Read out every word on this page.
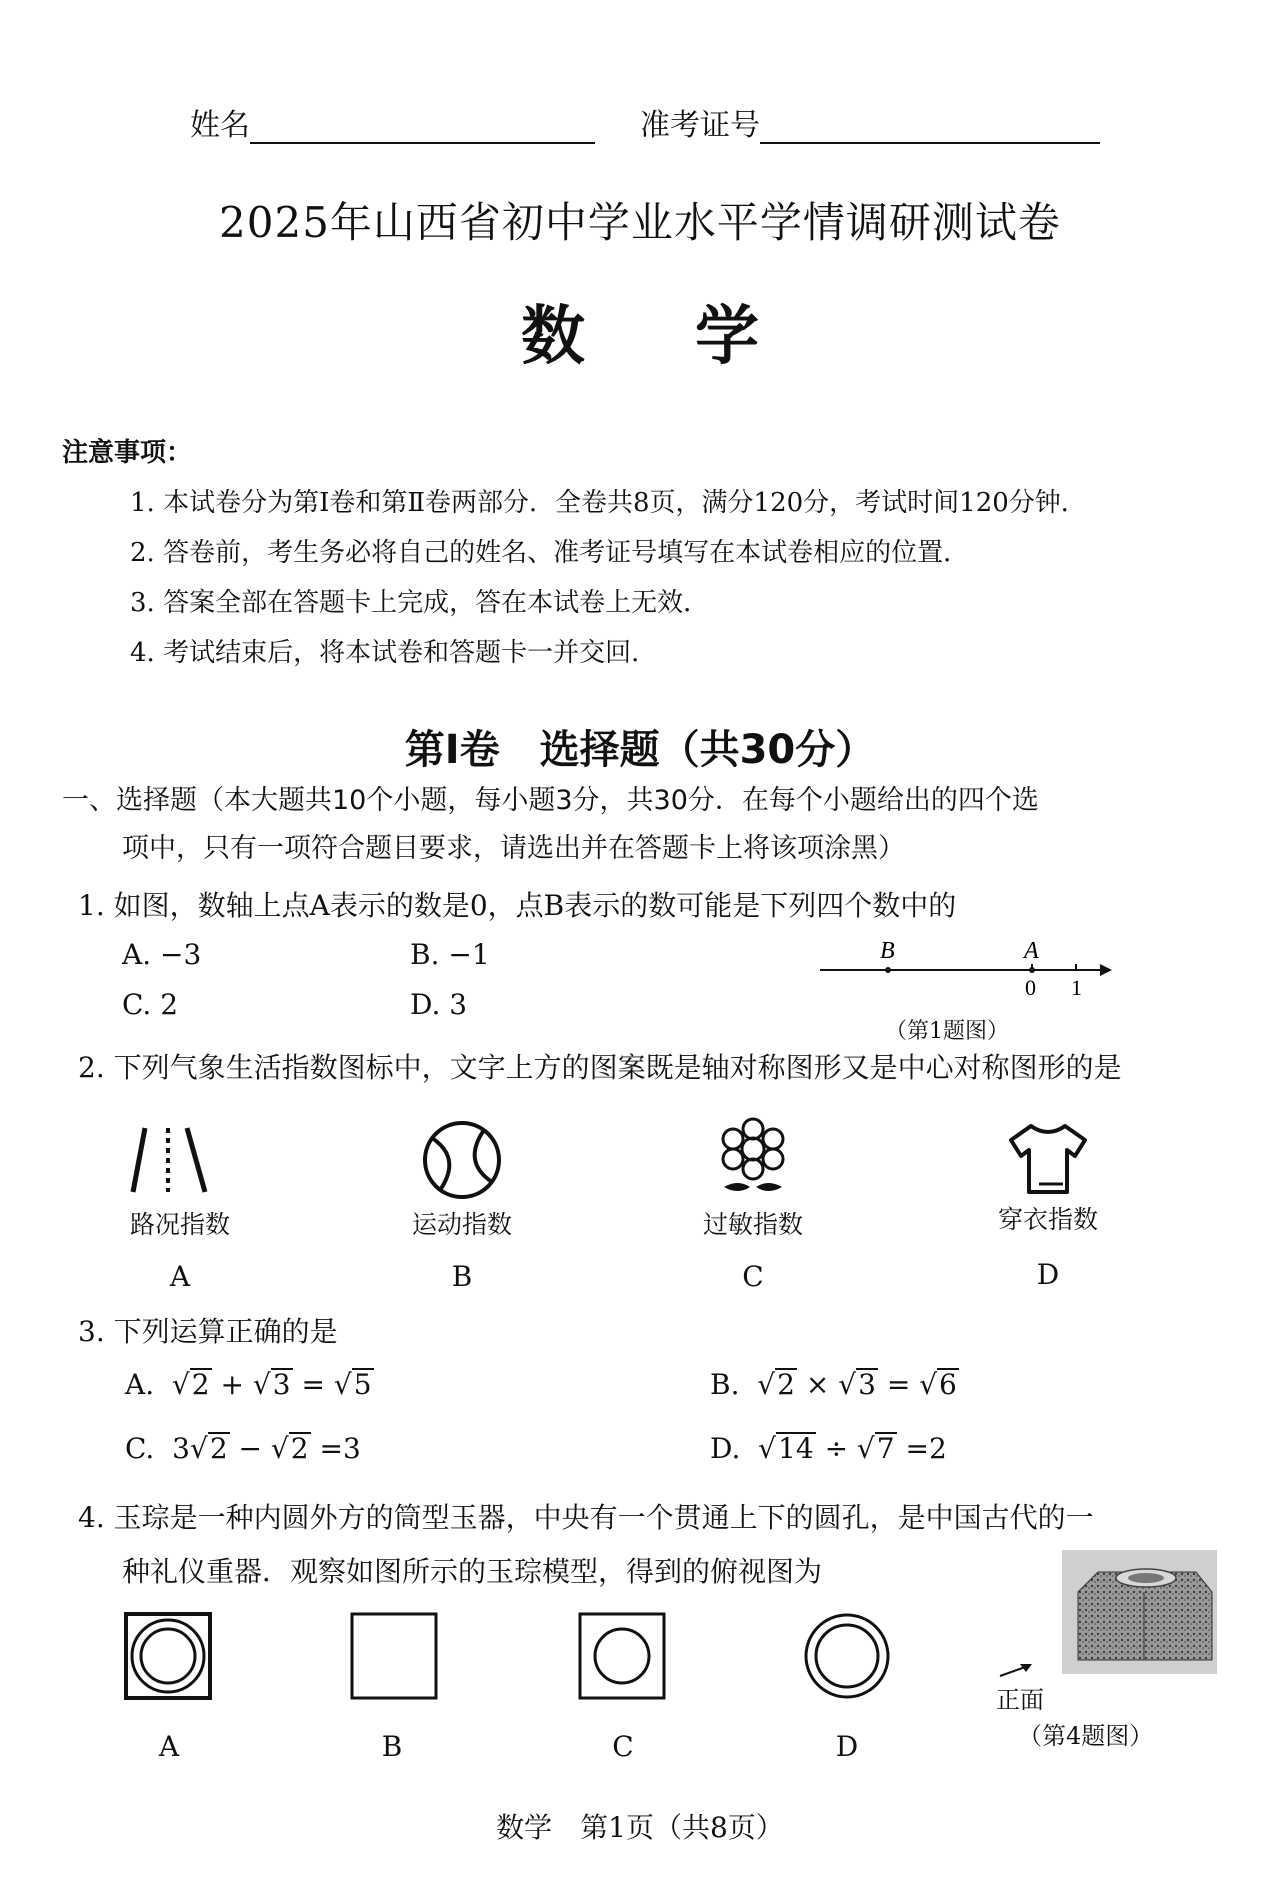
姓名	准考证号
2025年山西省初中学业水平学情调研测试卷
数学
注意事项：
1. 本试卷分为第Ⅰ卷和第Ⅱ卷两部分．全卷共8页，满分120分，考试时间120分钟．
2. 答卷前，考生务必将自己的姓名、准考证号填写在本试卷相应的位置．
3. 答案全部在答题卡上完成，答在本试卷上无效．
4. 考试结束后，将本试卷和答题卡一并交回．
第Ⅰ卷　选择题（共30分）
一、选择题（本大题共10个小题，每小题3分，共30分．在每个小题给出的四个选
项中，只有一项符合题目要求，请选出并在答题卡上将该项涂黑）
1. 如图，数轴上点A表示的数是0，点B表示的数可能是下列四个数中的
A. −3	B. −1
C. 2	D. 3
B	A
0 1
（第1题图）
2. 下列气象生活指数图标中，文字上方的图案既是轴对称图形又是中心对称图形的是
路况指数
A
运动指数
B
过敏指数
C
穿衣指数
D
3. 下列运算正确的是
A.  √2 + √3 = √5	B.  √2 × √3 = √6
C. 3√2 − √2 =3	D.  √14 ÷ √7 =2
4. 玉琮是一种内圆外方的筒型玉器，中央有一个贯通上下的圆孔，是中国古代的一
种礼仪重器．观察如图所示的玉琮模型，得到的俯视图为
A	B	C	D
正面
（第4题图）
数学　第1页（共8页）
